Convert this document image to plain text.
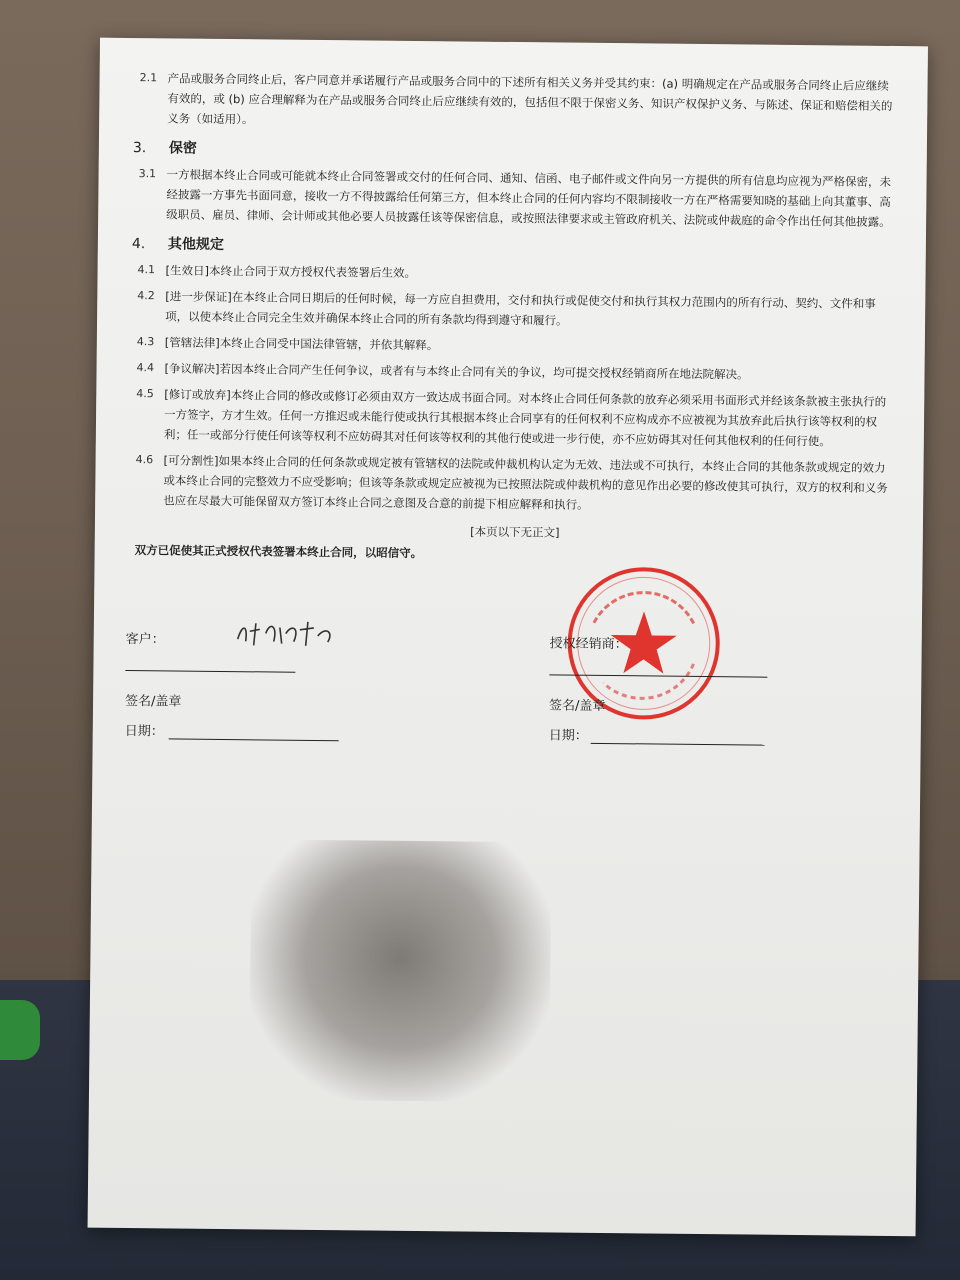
2.1 产品或服务合同终止后，客户同意并承诺履行产品或服务合同中的下述所有相关义务并受其约束：(a) 明确规定在产品或服务合同终止后应继续有效的，或 (b) 应合理解释为在产品或服务合同终止后应继续有效的，包括但不限于保密义务、知识产权保护义务、与陈述、保证和赔偿相关的义务（如适用）。
3.	保密
3.1 一方根据本终止合同或可能就本终止合同签署或交付的任何合同、通知、信函、电子邮件或文件向另一方提供的所有信息均应视为严格保密，未经披露一方事先书面同意，接收一方不得披露给任何第三方，但本终止合同的任何内容均不限制接收一方在严格需要知晓的基础上向其董事、高级职员、雇员、律师、会计师或其他必要人员披露任该等保密信息，或按照法律要求或主管政府机关、法院或仲裁庭的命令作出任何其他披露。
4.	其他规定
4.1 [生效日]本终止合同于双方授权代表签署后生效。
4.2 [进一步保证]在本终止合同日期后的任何时候，每一方应自担费用，交付和执行或促使交付和执行其权力范围内的所有行动、契约、文件和事项，以使本终止合同完全生效并确保本终止合同的所有条款均得到遵守和履行。
4.3 [管辖法律]本终止合同受中国法律管辖，并依其解释。
4.4 [争议解决]若因本终止合同产生任何争议，或者有与本终止合同有关的争议，均可提交授权经销商所在地法院解决。
4.5 [修订或放弃]本终止合同的修改或修订必须由双方一致达成书面合同。对本终止合同任何条款的放弃必须采用书面形式并经该条款被主张执行的一方签字，方才生效。任何一方推迟或未能行使或执行其根据本终止合同享有的任何权利不应构成亦不应被视为其放弃此后执行该等权利的权利；任一或部分行使任何该等权利不应妨碍其对任何该等权利的其他行使或进一步行使，亦不应妨碍其对任何其他权利的任何行使。
4.6 [可分割性]如果本终止合同的任何条款或规定被有管辖权的法院或仲裁机构认定为无效、违法或不可执行，本终止合同的其他条款或规定的效力或本终止合同的完整效力不应受影响；但该等条款或规定应被视为已按照法院或仲裁机构的意见作出必要的修改使其可执行，双方的权利和义务也应在尽最大可能保留双方签订本终止合同之意图及合意的前提下相应解释和执行。
[本页以下无正文]
双方已促使其正式授权代表签署本终止合同，以昭信守。
客户：
签名/盖章
日期：
授权经销商：
签名/盖章
日期：
